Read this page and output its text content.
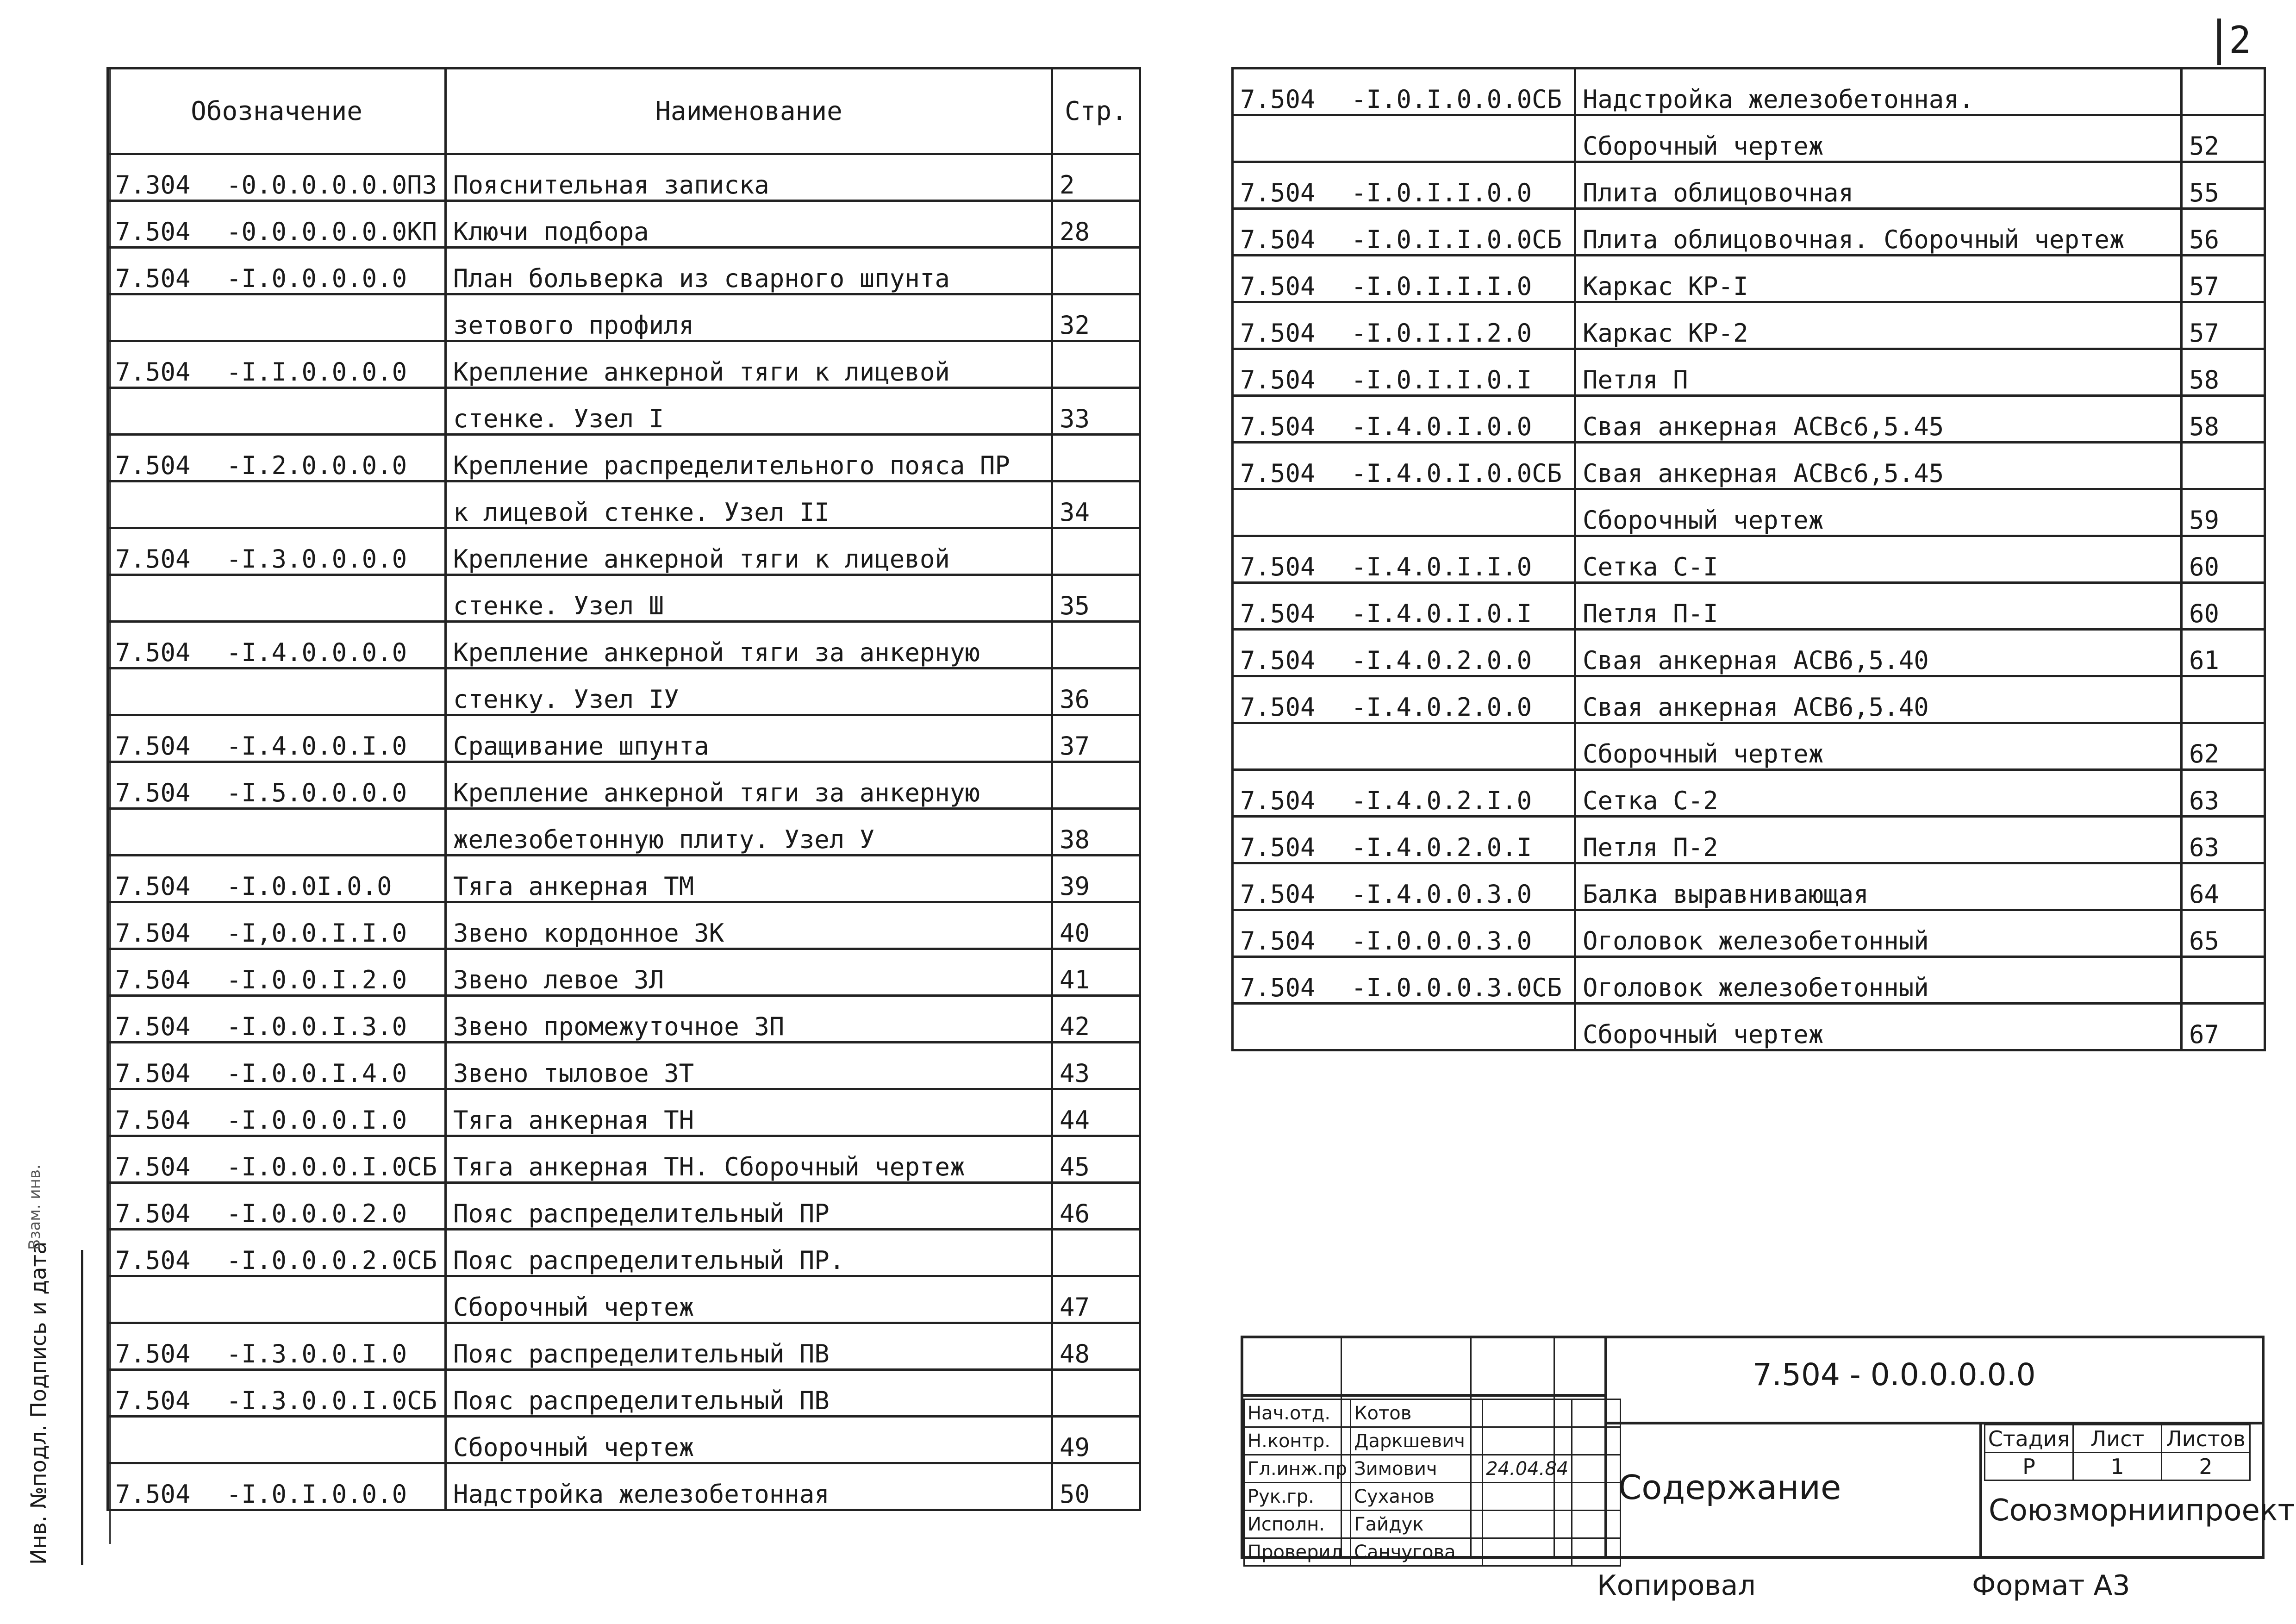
2
Обозначение	Наименование	Стр.
7.304 -0.0.0.0.0.0ПЗ	Пояснительная записка	2
7.504 -0.0.0.0.0.0КП	Ключи подбора	28
7.504 -I.0.0.0.0.0	План больверка из сварного шпунта	
	зетового профиля	32
7.504 -I.I.0.0.0.0	Крепление анкерной тяги к лицевой	
	стенке. Узел I	33
7.504 -I.2.0.0.0.0	Крепление распределительного пояса ПР	
	к лицевой стенке. Узел II	34
7.504 -I.3.0.0.0.0	Крепление анкерной тяги к лицевой	
	стенке. Узел Ш	35
7.504 -I.4.0.0.0.0	Крепление анкерной тяги за анкерную	
	стенку. Узел IУ	36
7.504 -I.4.0.0.I.0	Сращивание шпунта	37
7.504 -I.5.0.0.0.0	Крепление анкерной тяги за анкерную	
	железобетонную плиту. Узел У	38
7.504 -I.0.0I.0.0	Тяга анкерная ТМ	39
7.504 -I,0.0.I.I.0	Звено кордонное ЗК	40
7.504 -I.0.0.I.2.0	Звено левое ЗЛ	41
7.504 -I.0.0.I.3.0	Звено промежуточное ЗП	42
7.504 -I.0.0.I.4.0	Звено тыловое ЗТ	43
7.504 -I.0.0.0.I.0	Тяга анкерная ТН	44
7.504 -I.0.0.0.I.0СБ	Тяга анкерная ТН. Сборочный чертеж	45
7.504 -I.0.0.0.2.0	Пояс распределительный ПР	46
7.504 -I.0.0.0.2.0СБ	Пояс распределительный ПР.	
	Сборочный чертеж	47
7.504 -I.3.0.0.I.0	Пояс распределительный ПВ	48
7.504 -I.3.0.0.I.0СБ	Пояс распределительный ПВ	
	Сборочный чертеж	49
7.504 -I.0.I.0.0.0	Надстройка железобетонная	50
7.504 -I.0.I.0.0.0СБ	Надстройка железобетонная.	
	Сборочный чертеж	52
7.504 -I.0.I.I.0.0	Плита облицовочная	55
7.504 -I.0.I.I.0.0СБ	Плита облицовочная. Сборочный чертеж	56
7.504 -I.0.I.I.I.0	Каркас КР-I	57
7.504 -I.0.I.I.2.0	Каркас КР-2	57
7.504 -I.0.I.I.0.I	Петля П	58
7.504 -I.4.0.I.0.0	Свая анкерная АСВс6,5.45	58
7.504 -I.4.0.I.0.0СБ	Свая анкерная АСВс6,5.45	
	Сборочный чертеж	59
7.504 -I.4.0.I.I.0	Сетка С-I	60
7.504 -I.4.0.I.0.I	Петля П-I	60
7.504 -I.4.0.2.0.0	Свая анкерная АСВ6,5.40	61
7.504 -I.4.0.2.0.0	Свая анкерная АСВ6,5.40	
	Сборочный чертеж	62
7.504 -I.4.0.2.I.0	Сетка С-2	63
7.504 -I.4.0.2.0.I	Петля П-2	63
7.504 -I.4.0.0.3.0	Балка выравнивающая	64
7.504 -I.0.0.0.3.0	Оголовок железобетонный	65
7.504 -I.0.0.0.3.0СБ	Оголовок железобетонный	
	Сборочный чертеж	67
Инв. №подл. Подпись и дата
Взам. инв.
Нач.отд.	Котов		
Н.контр.	Даркшевич		
Гл.инж.пр	Зимович	24.04.84	
Рук.гр.	Суханов		
Исполн.	Гайдук		
Проверил	Санчугова		
7.504 - 0.0.0.0.0.0
Содержание
Стадия	Лист	Листов
Р	1	2
Союзморниипроект
Копировал	Формат А3
